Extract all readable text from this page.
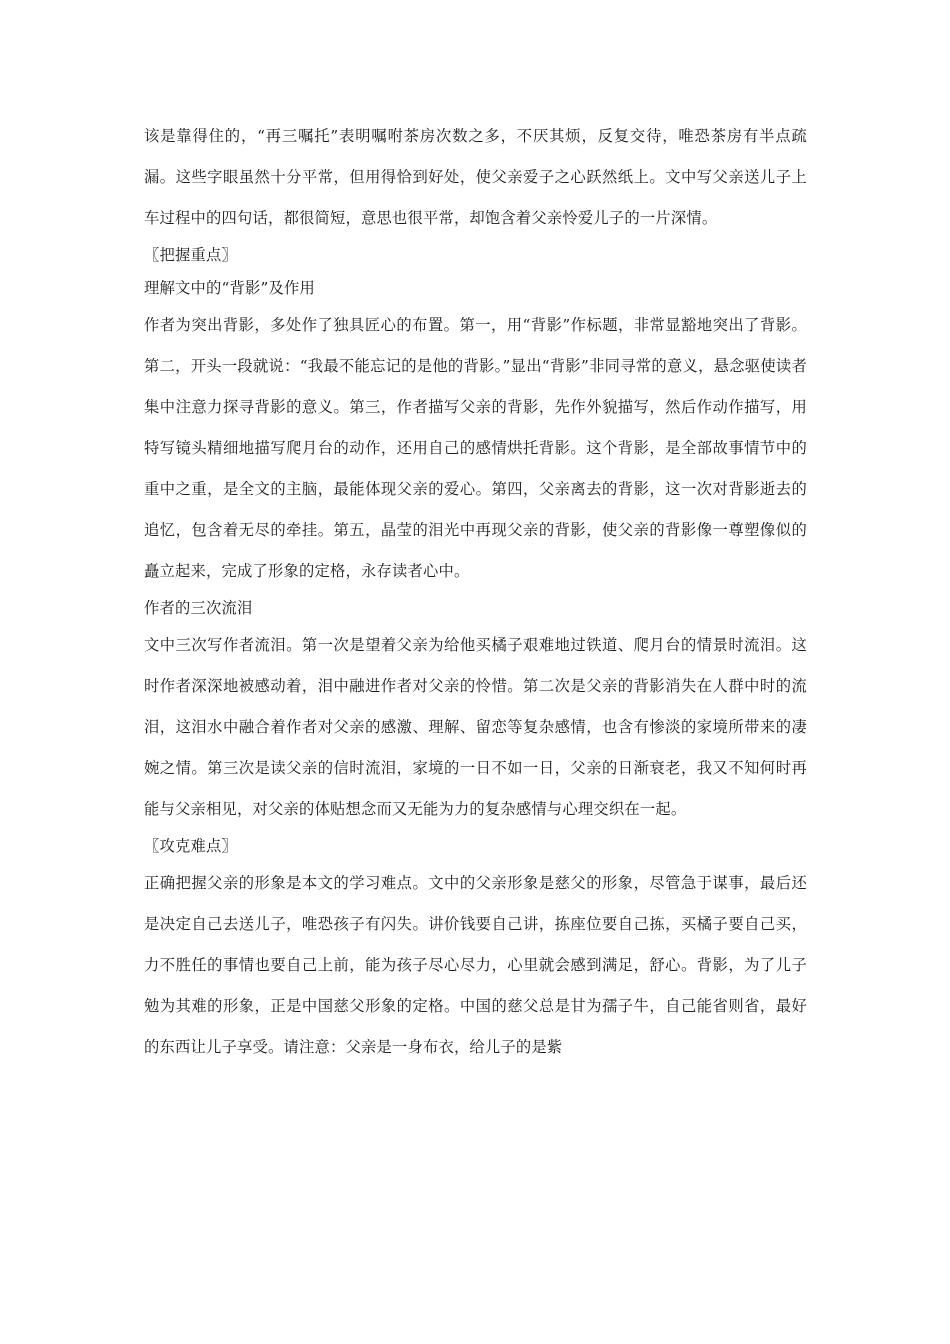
该是靠得住的，“再三嘱托”表明嘱咐茶房次数之多，不厌其烦，反复交待，唯恐茶房有半点疏漏。这些字眼虽然十分平常，但用得恰到好处，使父亲爱子之心跃然纸上。文中写父亲送儿子上车过程中的四句话，都很简短，意思也很平常，却饱含着父亲怜爱儿子的一片深情。

〖把握重点〗

理解文中的“背影”及作用

作者为突出背影，多处作了独具匠心的布置。第一，用“背影”作标题，非常显豁地突出了背影。第二，开头一段就说：“我最不能忘记的是他的背影。”显出“背影”非同寻常的意义，悬念驱使读者集中注意力探寻背影的意义。第三，作者描写父亲的背影，先作外貌描写，然后作动作描写，用特写镜头精细地描写爬月台的动作，还用自己的感情烘托背影。这个背影，是全部故事情节中的重中之重，是全文的主脑，最能体现父亲的爱心。第四，父亲离去的背影，这一次对背影逝去的追忆，包含着无尽的牵挂。第五，晶莹的泪光中再现父亲的背影，使父亲的背影像一尊塑像似的矗立起来，完成了形象的定格，永存读者心中。

作者的三次流泪

文中三次写作者流泪。第一次是望着父亲为给他买橘子艰难地过铁道、爬月台的情景时流泪。这时作者深深地被感动着，泪中融进作者对父亲的怜惜。第二次是父亲的背影消失在人群中时的流泪，这泪水中融合着作者对父亲的感激、理解、留恋等复杂感情，也含有惨淡的家境所带来的凄婉之情。第三次是读父亲的信时流泪，家境的一日不如一日，父亲的日渐衰老，我又不知何时再能与父亲相见，对父亲的体贴想念而又无能为力的复杂感情与心理交织在一起。

〖攻克难点〗

正确把握父亲的形象是本文的学习难点。文中的父亲形象是慈父的形象，尽管急于谋事，最后还是决定自己去送儿子，唯恐孩子有闪失。讲价钱要自己讲，拣座位要自己拣，买橘子要自己买，力不胜任的事情也要自己上前，能为孩子尽心尽力，心里就会感到满足，舒心。背影，为了儿子勉为其难的形象，正是中国慈父形象的定格。中国的慈父总是甘为孺子牛，自己能省则省，最好的东西让儿子享受。请注意：父亲是一身布衣，给儿子的是紫
